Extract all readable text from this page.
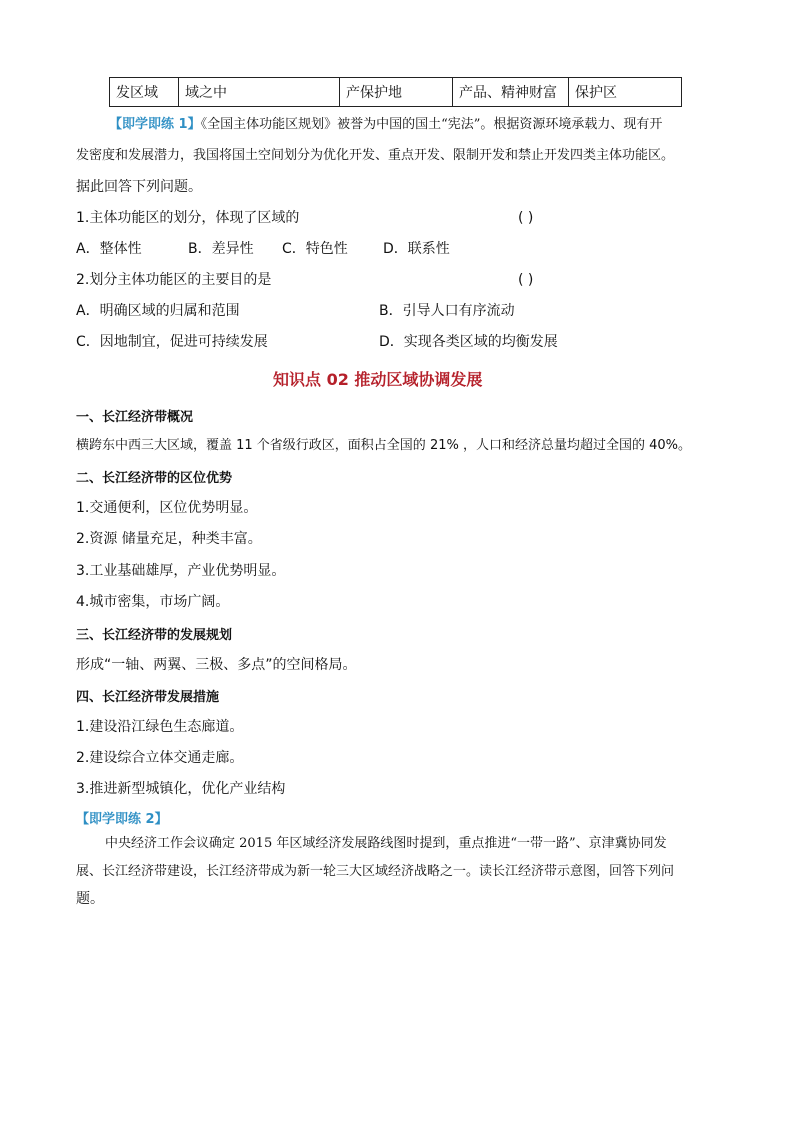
发区域	域之中	产保护地	产品、精神财富	保护区
【即学即练 1】《全国主体功能区规划》被誉为中国的国土“宪法”。根据资源环境承载力、现有开
发密度和发展潜力，我国将国土空间划分为优化开发、重点开发、限制开发和禁止开发四类主体功能区。
据此回答下列问题。
1.主体功能区的划分，体现了区域的	( )
A．整体性	B．差异性 C．特色性	D．联系性
2.划分主体功能区的主要目的是	( )
A．明确区域的归属和范围	B．引导人口有序流动
C．因地制宜，促进可持续发展	D．实现各类区域的均衡发展
知识点 02 推动区域协调发展
一、长江经济带概况
横跨东中西三大区域，覆盖 11 个省级行政区，面积占全国的 21% ，人口和经济总量均超过全国的 40%。
二、长江经济带的区位优势
1.交通便利，区位优势明显。
2.资源 储量充足，种类丰富。
3.工业基础雄厚，产业优势明显。
4.城市密集，市场广阔。
三、长江经济带的发展规划
形成“一轴、两翼、三极、多点”的空间格局。
四、长江经济带发展措施
1.建设沿江绿色生态廊道。
2.建设综合立体交通走廊。
3.推进新型城镇化，优化产业结构
【即学即练 2】
中央经济工作会议确定 2015 年区域经济发展路线图时提到，重点推进“一带一路”、京津冀协同发
展、长江经济带建设，长江经济带成为新一轮三大区域经济战略之一。读长江经济带示意图，回答下列问
题。
